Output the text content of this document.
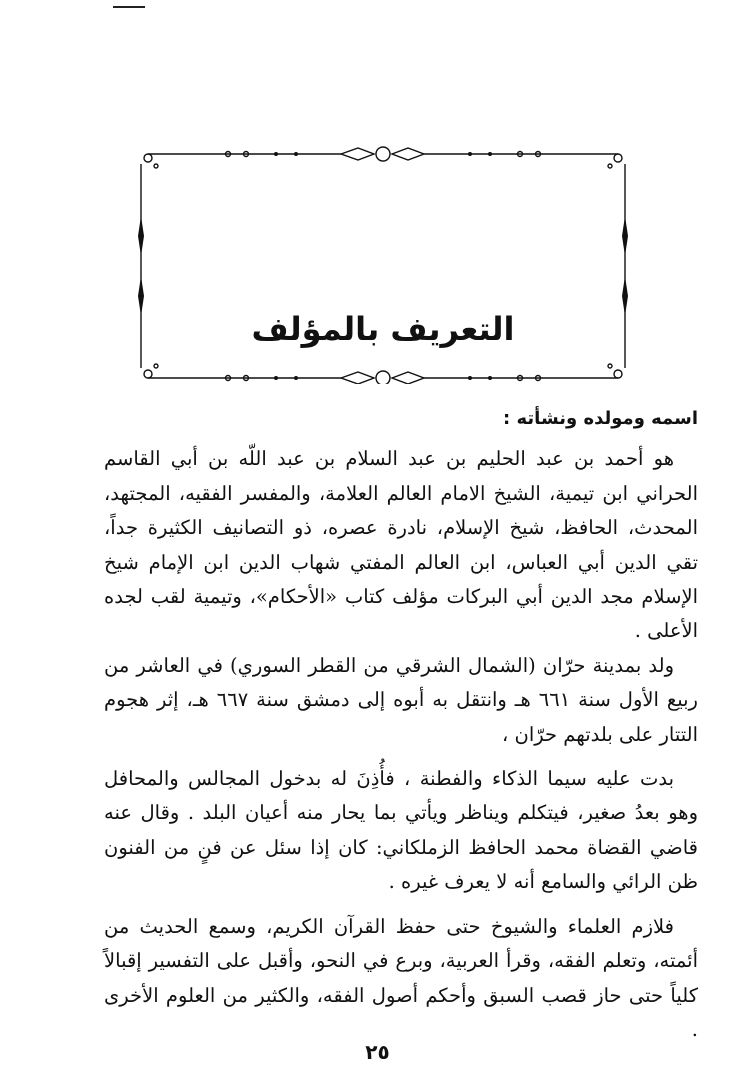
التعريف بالمؤلف
اسمه ومولده ونشأته :

هو أحمد بن عبد الحليم بن عبد السلام بن عبد اللّه بن أبي القاسم الحراني ابن تيمية، الشيخ الامام العالم العلامة، والمفسر الفقيه، المجتهد، المحدث، الحافظ، شيخ الإسلام، نادرة عصره، ذو التصانيف الكثيرة جداً، تقي الدين أبي العباس، ابن العالم المفتي شهاب الدين ابن الإمام شيخ الإسلام مجد الدين أبي البركات مؤلف كتاب «الأحكام»، وتيمية لقب لجده الأعلى .

ولد بمدينة حرّان (الشمال الشرقي من القطر السوري) في العاشر من ربيع الأول سنة ٦٦١ هـ وانتقل به أبوه إلى دمشق سنة ٦٦٧ هـ، إثر هجوم التتار على بلدتهم حرّان ،

بدت عليه سيما الذكاء والفطنة ، فأُذِنَ له بدخول المجالس والمحافل وهو بعدُ صغير، فيتكلم ويناظر ويأتي بما يحار منه أعيان البلد . وقال عنه قاضي القضاة محمد الحافظ الزملكاني: كان إذا سئل عن فنٍ من الفنون ظن الرائي والسامع أنه لا يعرف غيره .

فلازم العلماء والشيوخ حتى حفظ القرآن الكريم، وسمع الحديث من أئمته، وتعلم الفقه، وقرأ العربية، وبرع في النحو، وأقبل على التفسير إقبالاً كلياً حتى حاز قصب السبق وأحكم أصول الفقه، والكثير من العلوم الأخرى .

٢٥
